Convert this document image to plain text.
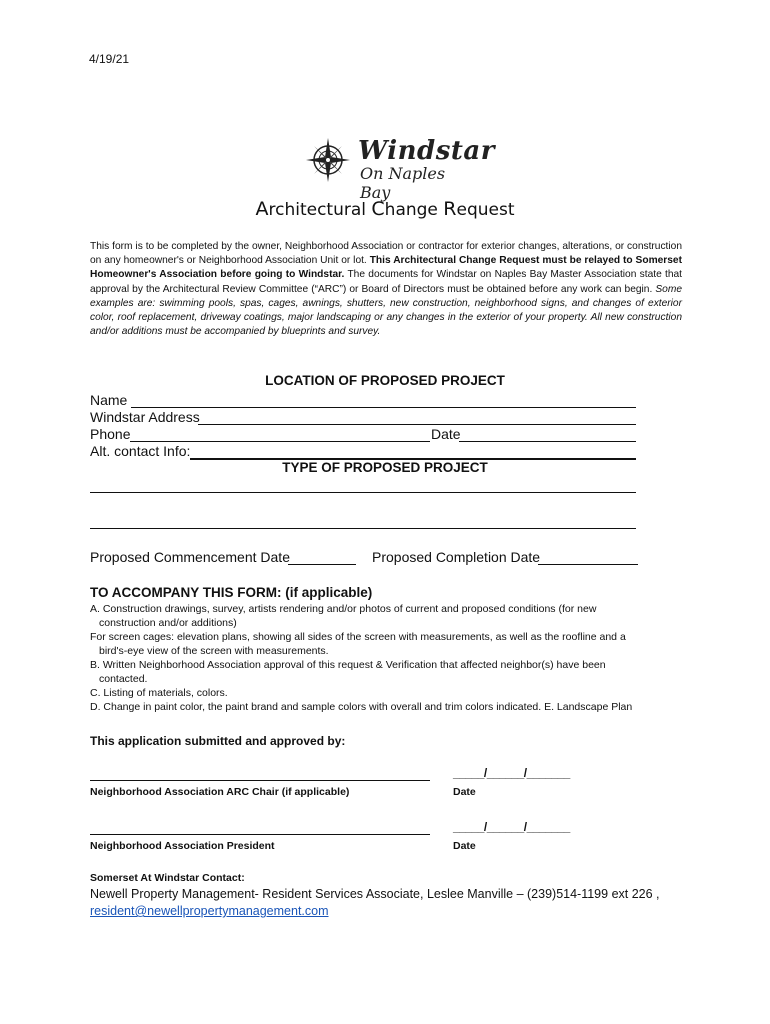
4/19/21
Windstar
On Naples Bay
Architectural Change Request
This form is to be completed by the owner, Neighborhood Association or contractor for exterior changes, alterations, or construction on any homeowner's or Neighborhood Association Unit or lot. This Architectural Change Request must be relayed to Somerset Homeowner's Association before going to Windstar. The documents for Windstar on Naples Bay Master Association state that approval by the Architectural Review Committee (“ARC”) or Board of Directors must be obtained before any work can begin. Some examples are: swimming pools, spas, cages, awnings, shutters, new construction, neighborhood signs, and changes of exterior color, roof replacement, driveway coatings, major landscaping or any changes in the exterior of your property. All new construction and/or additions must be accompanied by blueprints and survey.
LOCATION OF PROPOSED PROJECT
Name
Windstar Address
Phone	Date
Alt. contact Info:
TYPE OF PROPOSED PROJECT
Proposed Commencement Date	Proposed Completion Date
TO ACCOMPANY THIS FORM: (if applicable)

A. Construction drawings, survey, artists rendering and/or photos of current and proposed conditions (for new

construction and/or additions)

For screen cages: elevation plans, showing all sides of the screen with measurements, as well as the roofline and a

bird's-eye view of the screen with measurements.

B. Written Neighborhood Association approval of this request & Verification that affected neighbor(s) have been

contacted.

C. Listing of materials, colors.

D. Change in paint color, the paint brand and sample colors with overall and trim colors indicated. E. Landscape Plan

This application submitted and approved by:
_____/______/_______
Neighborhood Association ARC Chair (if applicable)	Date
_____/______/_______
Neighborhood Association President	Date
Somerset At Windstar Contact:
Newell Property Management- Resident Services Associate, Leslee Manville – (239)514-1199 ext 226 ,
resident@newellpropertymanagement.com
